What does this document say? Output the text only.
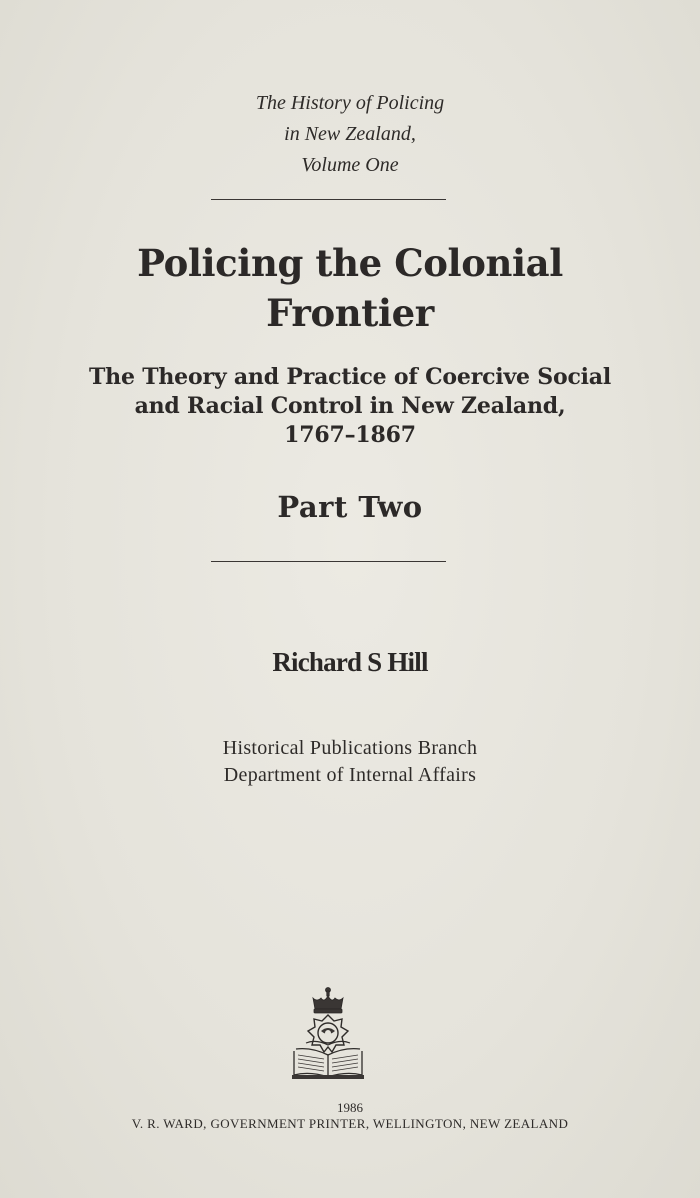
The History of Policing
in New Zealand,
Volume One
Policing the Colonial
Frontier
The Theory and Practice of Coercive Social
and Racial Control in New Zealand,
1767–1867
Part Two
Richard S Hill
Historical Publications Branch
Department of Internal Affairs
1986
V. R. WARD, GOVERNMENT PRINTER, WELLINGTON, NEW ZEALAND
